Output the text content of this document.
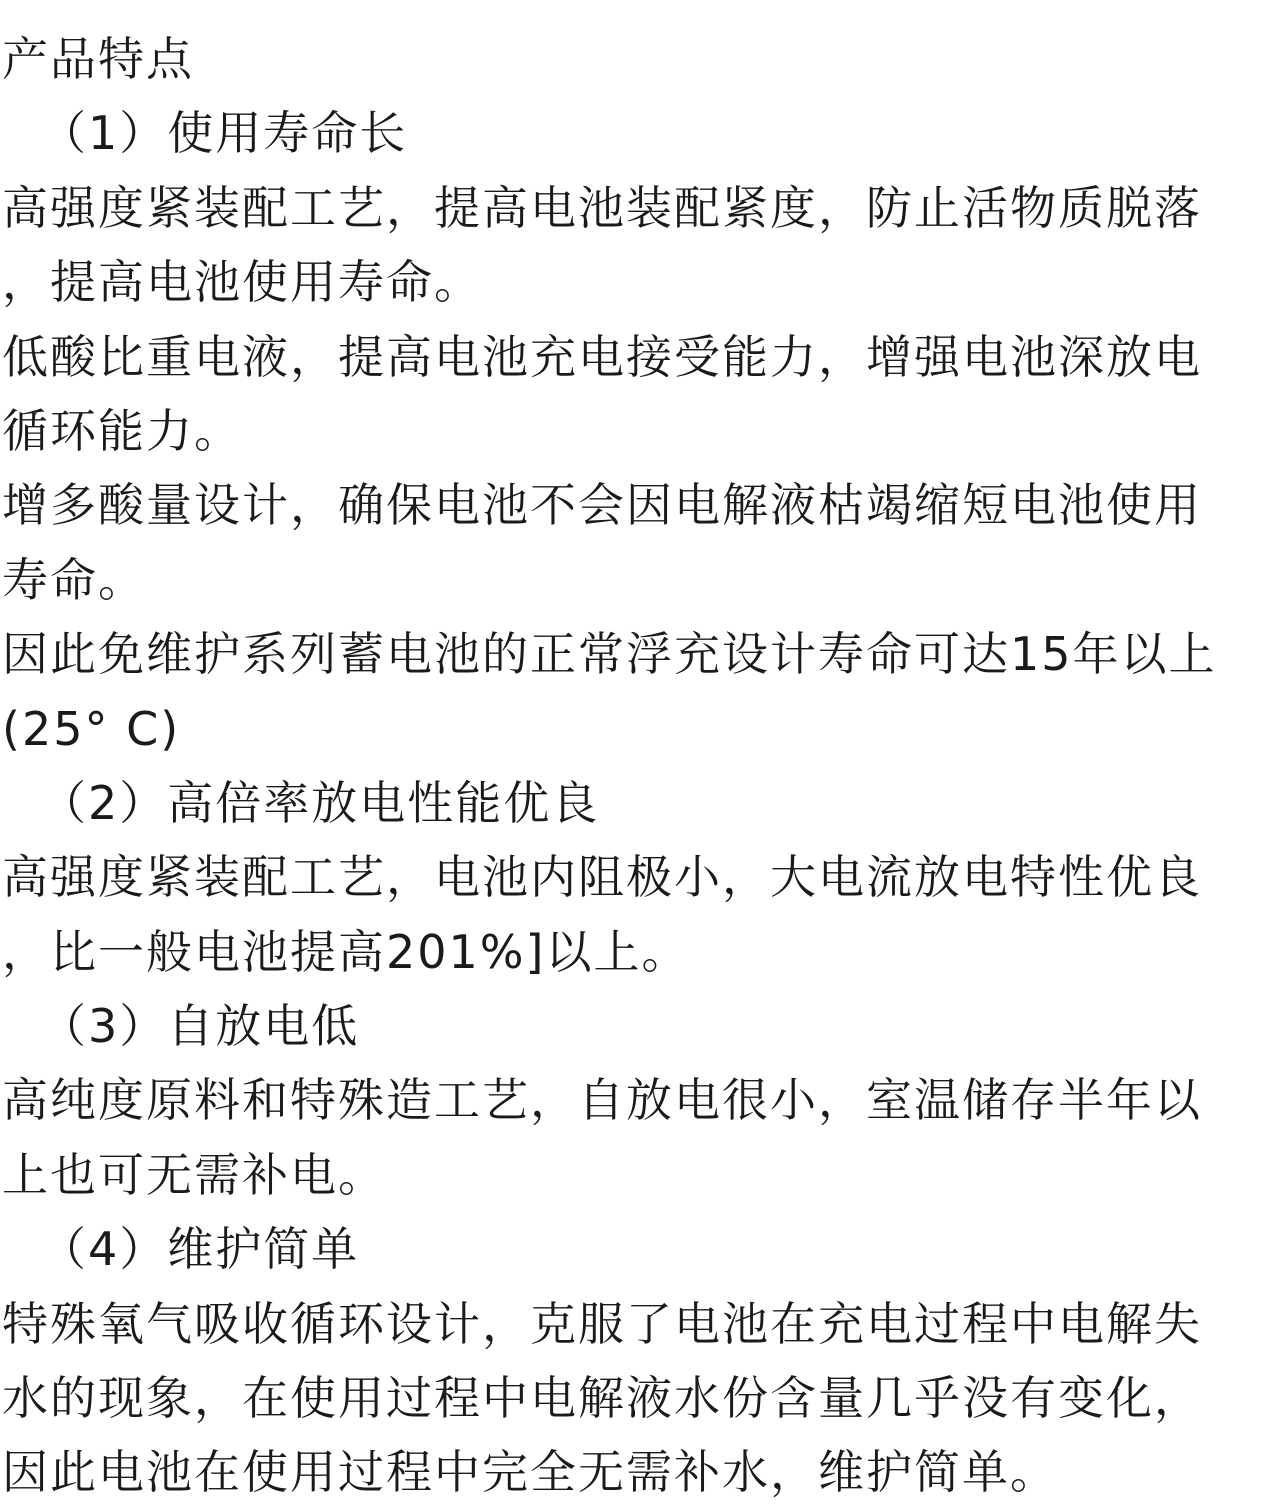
产品特点
（1）使用寿命长
高强度紧装配工艺，提高电池装配紧度，防止活物质脱落
，提高电池使用寿命。
低酸比重电液，提高电池充电接受能力，增强电池深放电
循环能力。
增多酸量设计，确保电池不会因电解液枯竭缩短电池使用
寿命。
因此免维护系列蓄电池的正常浮充设计寿命可达15年以上
(25° C)
（2）高倍率放电性能优良
高强度紧装配工艺，电池内阻极小，大电流放电特性优良
，比一般电池提高201%]以上。
（3）自放电低
高纯度原料和特殊造工艺，自放电很小，室温储存半年以
上也可无需补电。
（4）维护简单
特殊氧气吸收循环设计，克服了电池在充电过程中电解失
水的现象，在使用过程中电解液水份含量几乎没有变化，
因此电池在使用过程中完全无需补水，维护简单。
